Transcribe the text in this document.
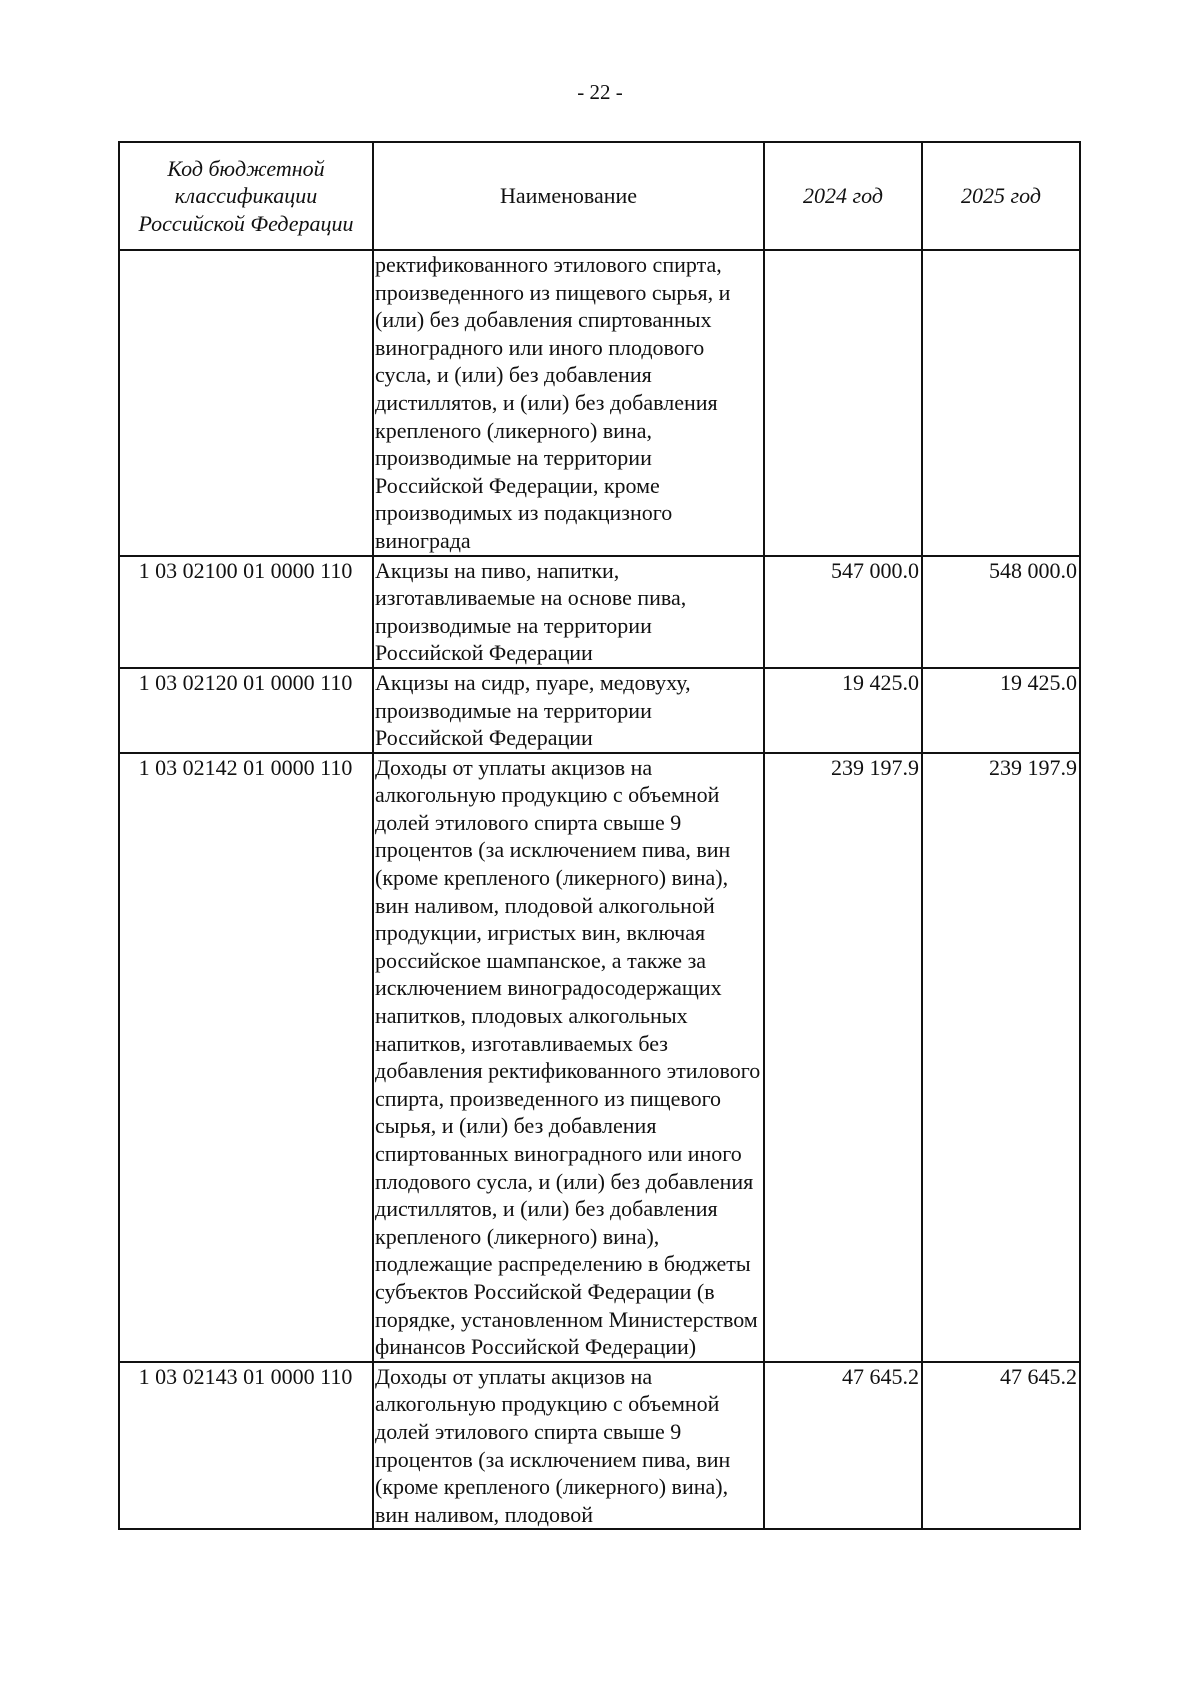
- 22 -
Код бюджетной классификации Российской Федерации	Наименование	2024 год	2025 год
	ректификованного этилового спирта, произведенного из пищевого сырья, и (или) без добавления спиртованных виноградного или иного плодового сусла, и (или) без добавления дистиллятов, и (или) без добавления крепленого (ликерного) вина, производимые на территории Российской Федерации, кроме производимых из подакцизного винограда		
1 03 02100 01 0000 110	Акцизы на пиво, напитки, изготавливаемые на основе пива, производимые на территории Российской Федерации	547 000.0	548 000.0
1 03 02120 01 0000 110	Акцизы на сидр, пуаре, медовуху, производимые на территории Российской Федерации	19 425.0	19 425.0
1 03 02142 01 0000 110	Доходы от уплаты акцизов на алкогольную продукцию с объемной долей этилового спирта свыше 9 процентов (за исключением пива, вин (кроме крепленого (ликерного) вина), вин наливом, плодовой алкогольной продукции, игристых вин, включая российское шампанское, а также за исключением виноградосодержащих напитков, плодовых алкогольных напитков, изготавливаемых без добавления ректификованного этилового спирта, произведенного из пищевого сырья, и (или) без добавления спиртованных виноградного или иного плодового сусла, и (или) без добавления дистиллятов, и (или) без добавления крепленого (ликерного) вина), подлежащие распределению в бюджеты субъектов Российской Федерации (в порядке, установленном Министерством финансов Российской Федерации)	239 197.9	239 197.9
1 03 02143 01 0000 110	Доходы от уплаты акцизов на алкогольную продукцию с объемной долей этилового спирта свыше 9 процентов (за исключением пива, вин (кроме крепленого (ликерного) вина), вин наливом, плодовой	47 645.2	47 645.2
